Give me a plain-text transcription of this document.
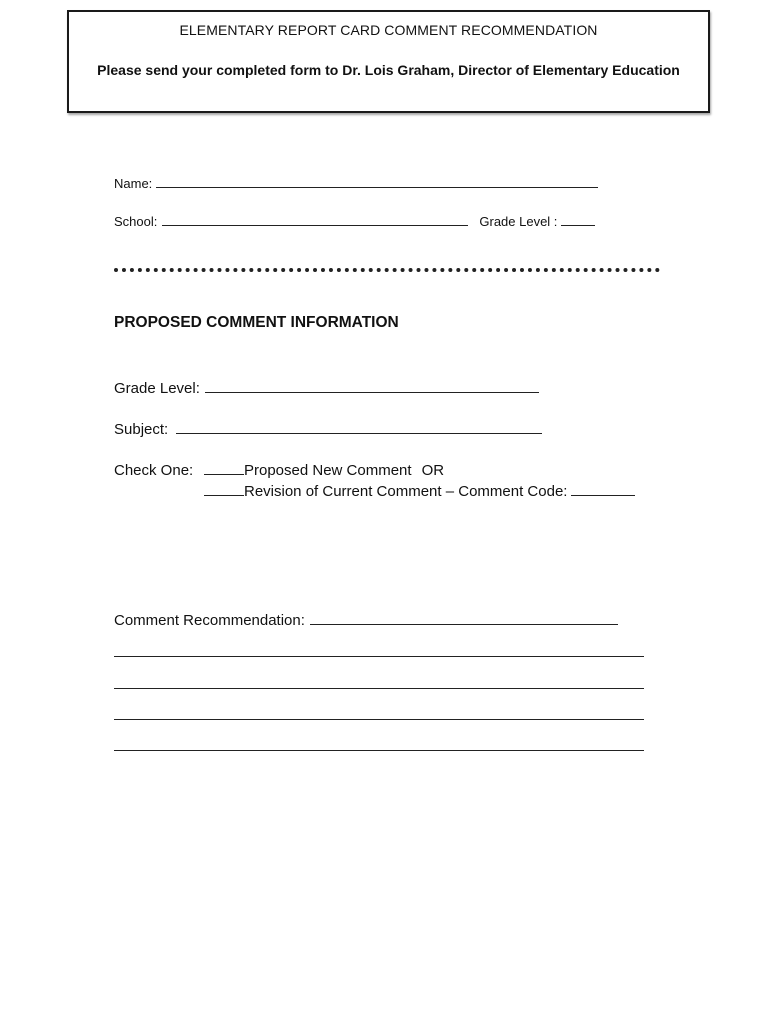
ELEMENTARY REPORT CARD COMMENT RECOMMENDATION
Please send your completed form to Dr. Lois Graham, Director of Elementary Education
Name:
School:	Grade Level :
PROPOSED COMMENT INFORMATION
Grade Level:
Subject:
Check One:	Proposed New Comment OR
Revision of Current Comment – Comment Code:
Comment Recommendation:
